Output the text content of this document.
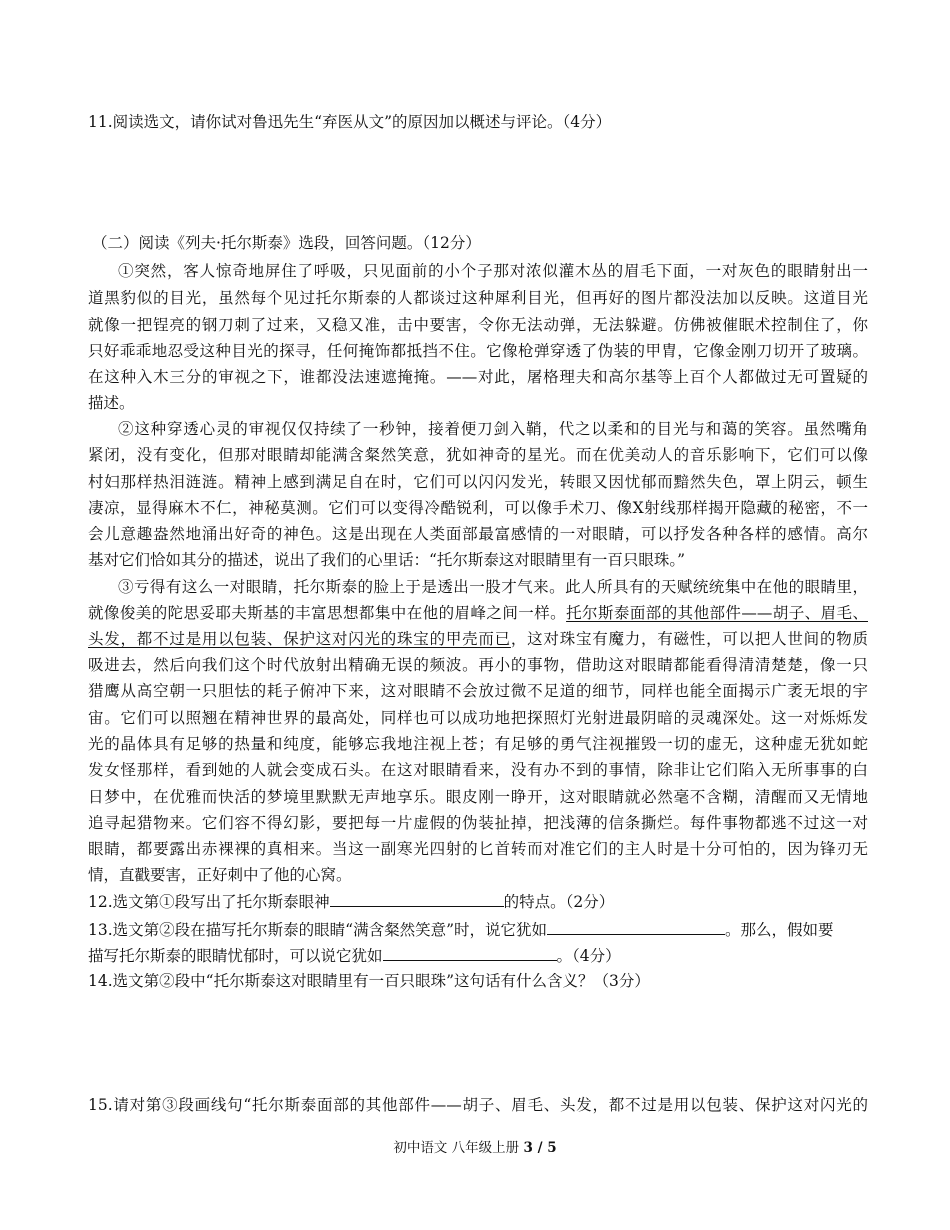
11.阅读选文，请你试对鲁迅先生“弃医从文”的原因加以概述与评论。（4分）
（二）阅读《列夫·托尔斯泰》选段，回答问题。（12分）
①突然，客人惊奇地屏住了呼吸，只见面前的小个子那对浓似灌木丛的眉毛下面，一对灰色的眼睛射出一
道黑豹似的目光，虽然每个见过托尔斯泰的人都谈过这种犀利目光，但再好的图片都没法加以反映。这道目光
就像一把锃亮的钢刀刺了过来，又稳又准，击中要害，令你无法动弹，无法躲避。仿佛被催眠术控制住了，你
只好乖乖地忍受这种目光的探寻，任何掩饰都抵挡不住。它像枪弹穿透了伪装的甲胄，它像金刚刀切开了玻璃。
在这种入木三分的审视之下，谁都没法速遮掩掩。——对此，屠格理夫和高尔基等上百个人都做过无可置疑的
描述。
②这种穿透心灵的审视仅仅持续了一秒钟，接着便刀剑入鞘，代之以柔和的目光与和蔼的笑容。虽然嘴角
紧闭，没有变化，但那对眼睛却能满含粲然笑意，犹如神奇的星光。而在优美动人的音乐影响下，它们可以像
村妇那样热泪涟涟。精神上感到满足自在时，它们可以闪闪发光，转眼又因忧郁而黯然失色，罩上阴云，顿生
凄凉，显得麻木不仁，神秘莫测。它们可以变得冷酷锐利，可以像手术刀、像X射线那样揭开隐藏的秘密，不一
会儿意趣盎然地涌出好奇的神色。这是出现在人类面部最富感情的一对眼睛，可以抒发各种各样的感情。高尔
基对它们恰如其分的描述，说出了我们的心里话：“托尔斯泰这对眼睛里有一百只眼珠。”
③亏得有这么一对眼睛，托尔斯泰的脸上于是透出一股才气来。此人所具有的天赋统统集中在他的眼睛里，
就像俊美的陀思妥耶夫斯基的丰富思想都集中在他的眉峰之间一样。托尔斯泰面部的其他部件——胡子、眉毛、
头发，都不过是用以包装、保护这对闪光的珠宝的甲壳而已，这对珠宝有魔力，有磁性，可以把人世间的物质
吸进去，然后向我们这个时代放射出精确无误的频波。再小的事物，借助这对眼睛都能看得清清楚楚，像一只
猎鹰从高空朝一只胆怯的耗子俯冲下来，这对眼睛不会放过微不足道的细节，同样也能全面揭示广袤无垠的宇
宙。它们可以照翘在精神世界的最高处，同样也可以成功地把探照灯光射进最阴暗的灵魂深处。这一对烁烁发
光的晶体具有足够的热量和纯度，能够忘我地注视上苍；有足够的勇气注视摧毁一切的虚无，这种虚无犹如蛇
发女怪那样，看到她的人就会变成石头。在这对眼睛看来，没有办不到的事情，除非让它们陷入无所事事的白
日梦中，在优雅而快活的梦境里默默无声地享乐。眼皮刚一睁开，这对眼睛就必然毫不含糊，清醒而又无情地
追寻起猎物来。它们容不得幻影，要把每一片虚假的伪装扯掉，把浅薄的信条撕烂。每件事物都逃不过这一对
眼睛，都要露出赤裸裸的真相来。当这一副寒光四射的匕首转而对准它们的主人时是十分可怕的，因为锋刃无
情，直戳要害，正好刺中了他的心窝。
12.选文第①段写出了托尔斯泰眼神	的特点。（2分）
13.选文第②段在描写托尔斯泰的眼睛“满含粲然笑意”时，说它犹如	。那么，假如要
描写托尔斯泰的眼睛忧郁时，可以说它犹如	。（4分）
14.选文第②段中“托尔斯泰这对眼睛里有一百只眼珠”这句话有什么含义？（3分）
15.请对第③段画线句“托尔斯泰面部的其他部件——胡子、眉毛、头发，都不过是用以包装、保护这对闪光的
初中语文 八年级上册 3 / 5
